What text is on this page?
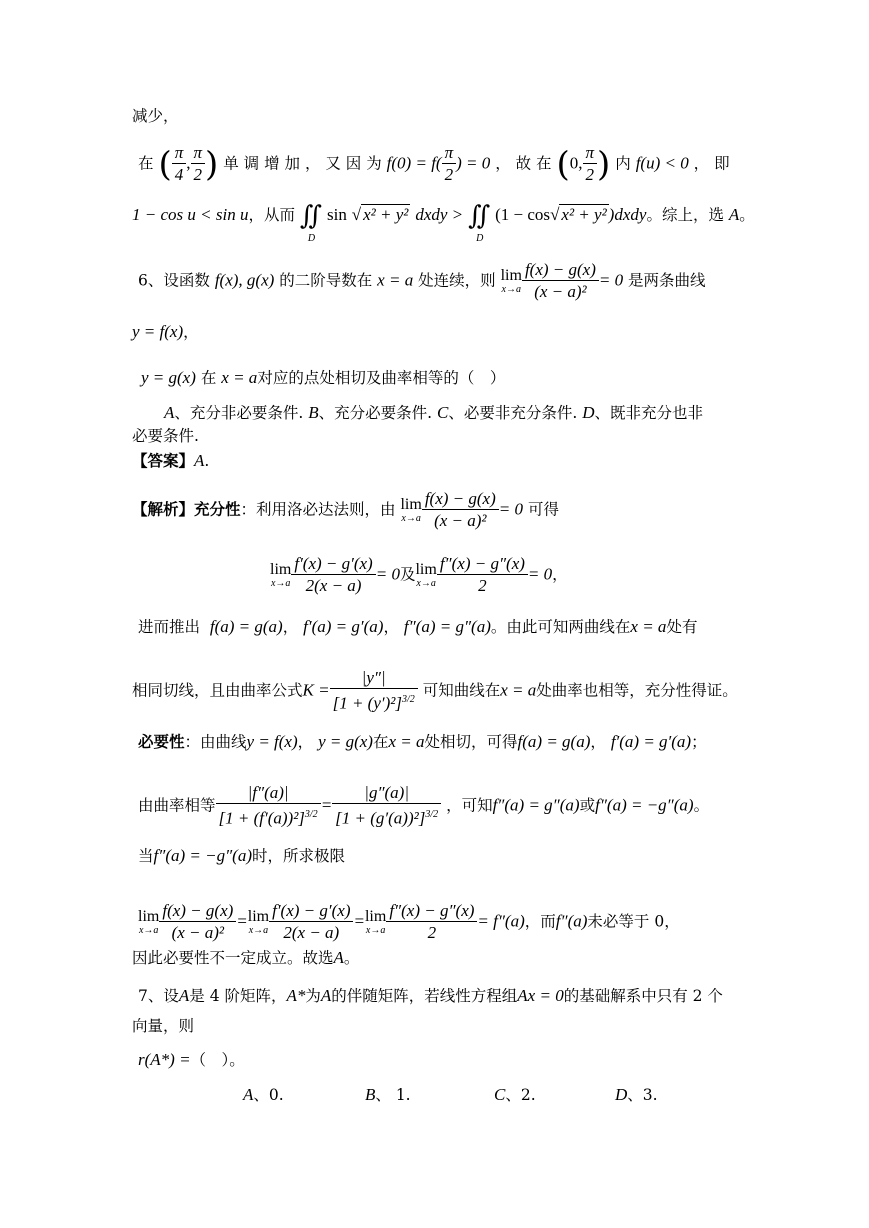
减少，
在 ( $\frac{\pi}{4}$ , $\frac{\pi}{2}$ ) 单 调 增 加 ， 又 因 为 $f(0) = f( \frac{\pi}{2}$ ) = 0 ， 故 在 (0, $\frac{\pi}{2}$ ) 内 f(u) < 0 ， 即
1 − cos u < sin u，从而 ∬
D
sin √ x² + y² dxdy > ∬
D
(1 − cos√ x² + y² )dxdy。综上，选 A。
6、设函数 f(x), g(x) 的二阶导数在 x = a 处连续，则 lim
$x\to a \frac{f(x) - g(x)}{\text{(x − a)²}} = 0$ 是两条曲线
y = f(x)，
y = g(x) 在 x = a对应的点处相切及曲率相等的（　）
A、充分非必要条件. B、充分必要条件. C、必要非充分条件. D、既非充分也非
必要条件.
【答案】A.
【解析】充分性：利用洛必达法则，由 lim
$x\to a \frac{f(x) - g(x)}{\text{(x − a)²}} = 0$ 可得
lim
$x\to a \frac{f'(x) - g'(x)}{2(x - a)} = 0$及lim
$x\to a \frac{f''(x) - g''(x)}{2} = 0$，
进而推出 f(a) = g(a)， f′(a) = g′(a)， f″(a) = g″(a)。由此可知两曲线在x = a处有
相同切线，且由曲率公式$K = \frac{|y''|}{[1 + (y')^2]^{3/2}}$ 可知曲线在x = a处曲率也相等，充分性得证。
必要性：由曲线y = f(x)， y = g(x)在x = a处相切，可得f(a) = g(a)， f′(a) = g′(a)；
由曲率相等 $\frac{|f''(a)|}{[1 + (f'(a))^2]^{3/2}} = \frac{|g''(a)|}{[1 + (g'(a))^2]^{3/2}}$ ，可知f″(a) = g″(a)或f″(a) = −g″(a)。
当f″(a) = −g″(a)时，所求极限
lim
$x\to a \frac{f(x) - g(x)}{\text{(x − a)²}} =\lim$
$x\to a \frac{f'(x) - g'(x)}{2(x - a)} =\lim$
$x\to a \frac{f''(x) - g''(x)}{2} = f''(a)$，而f″(a)未必等于 0，
因此必要性不一定成立。故选A。
7、设A是 4 阶矩阵，A*为A的伴随矩阵，若线性方程组Ax = 0的基础解系中只有 2 个
向量，则
r(A*) =（　）。
A、0.	B、 1.	C、2.	D、3.
